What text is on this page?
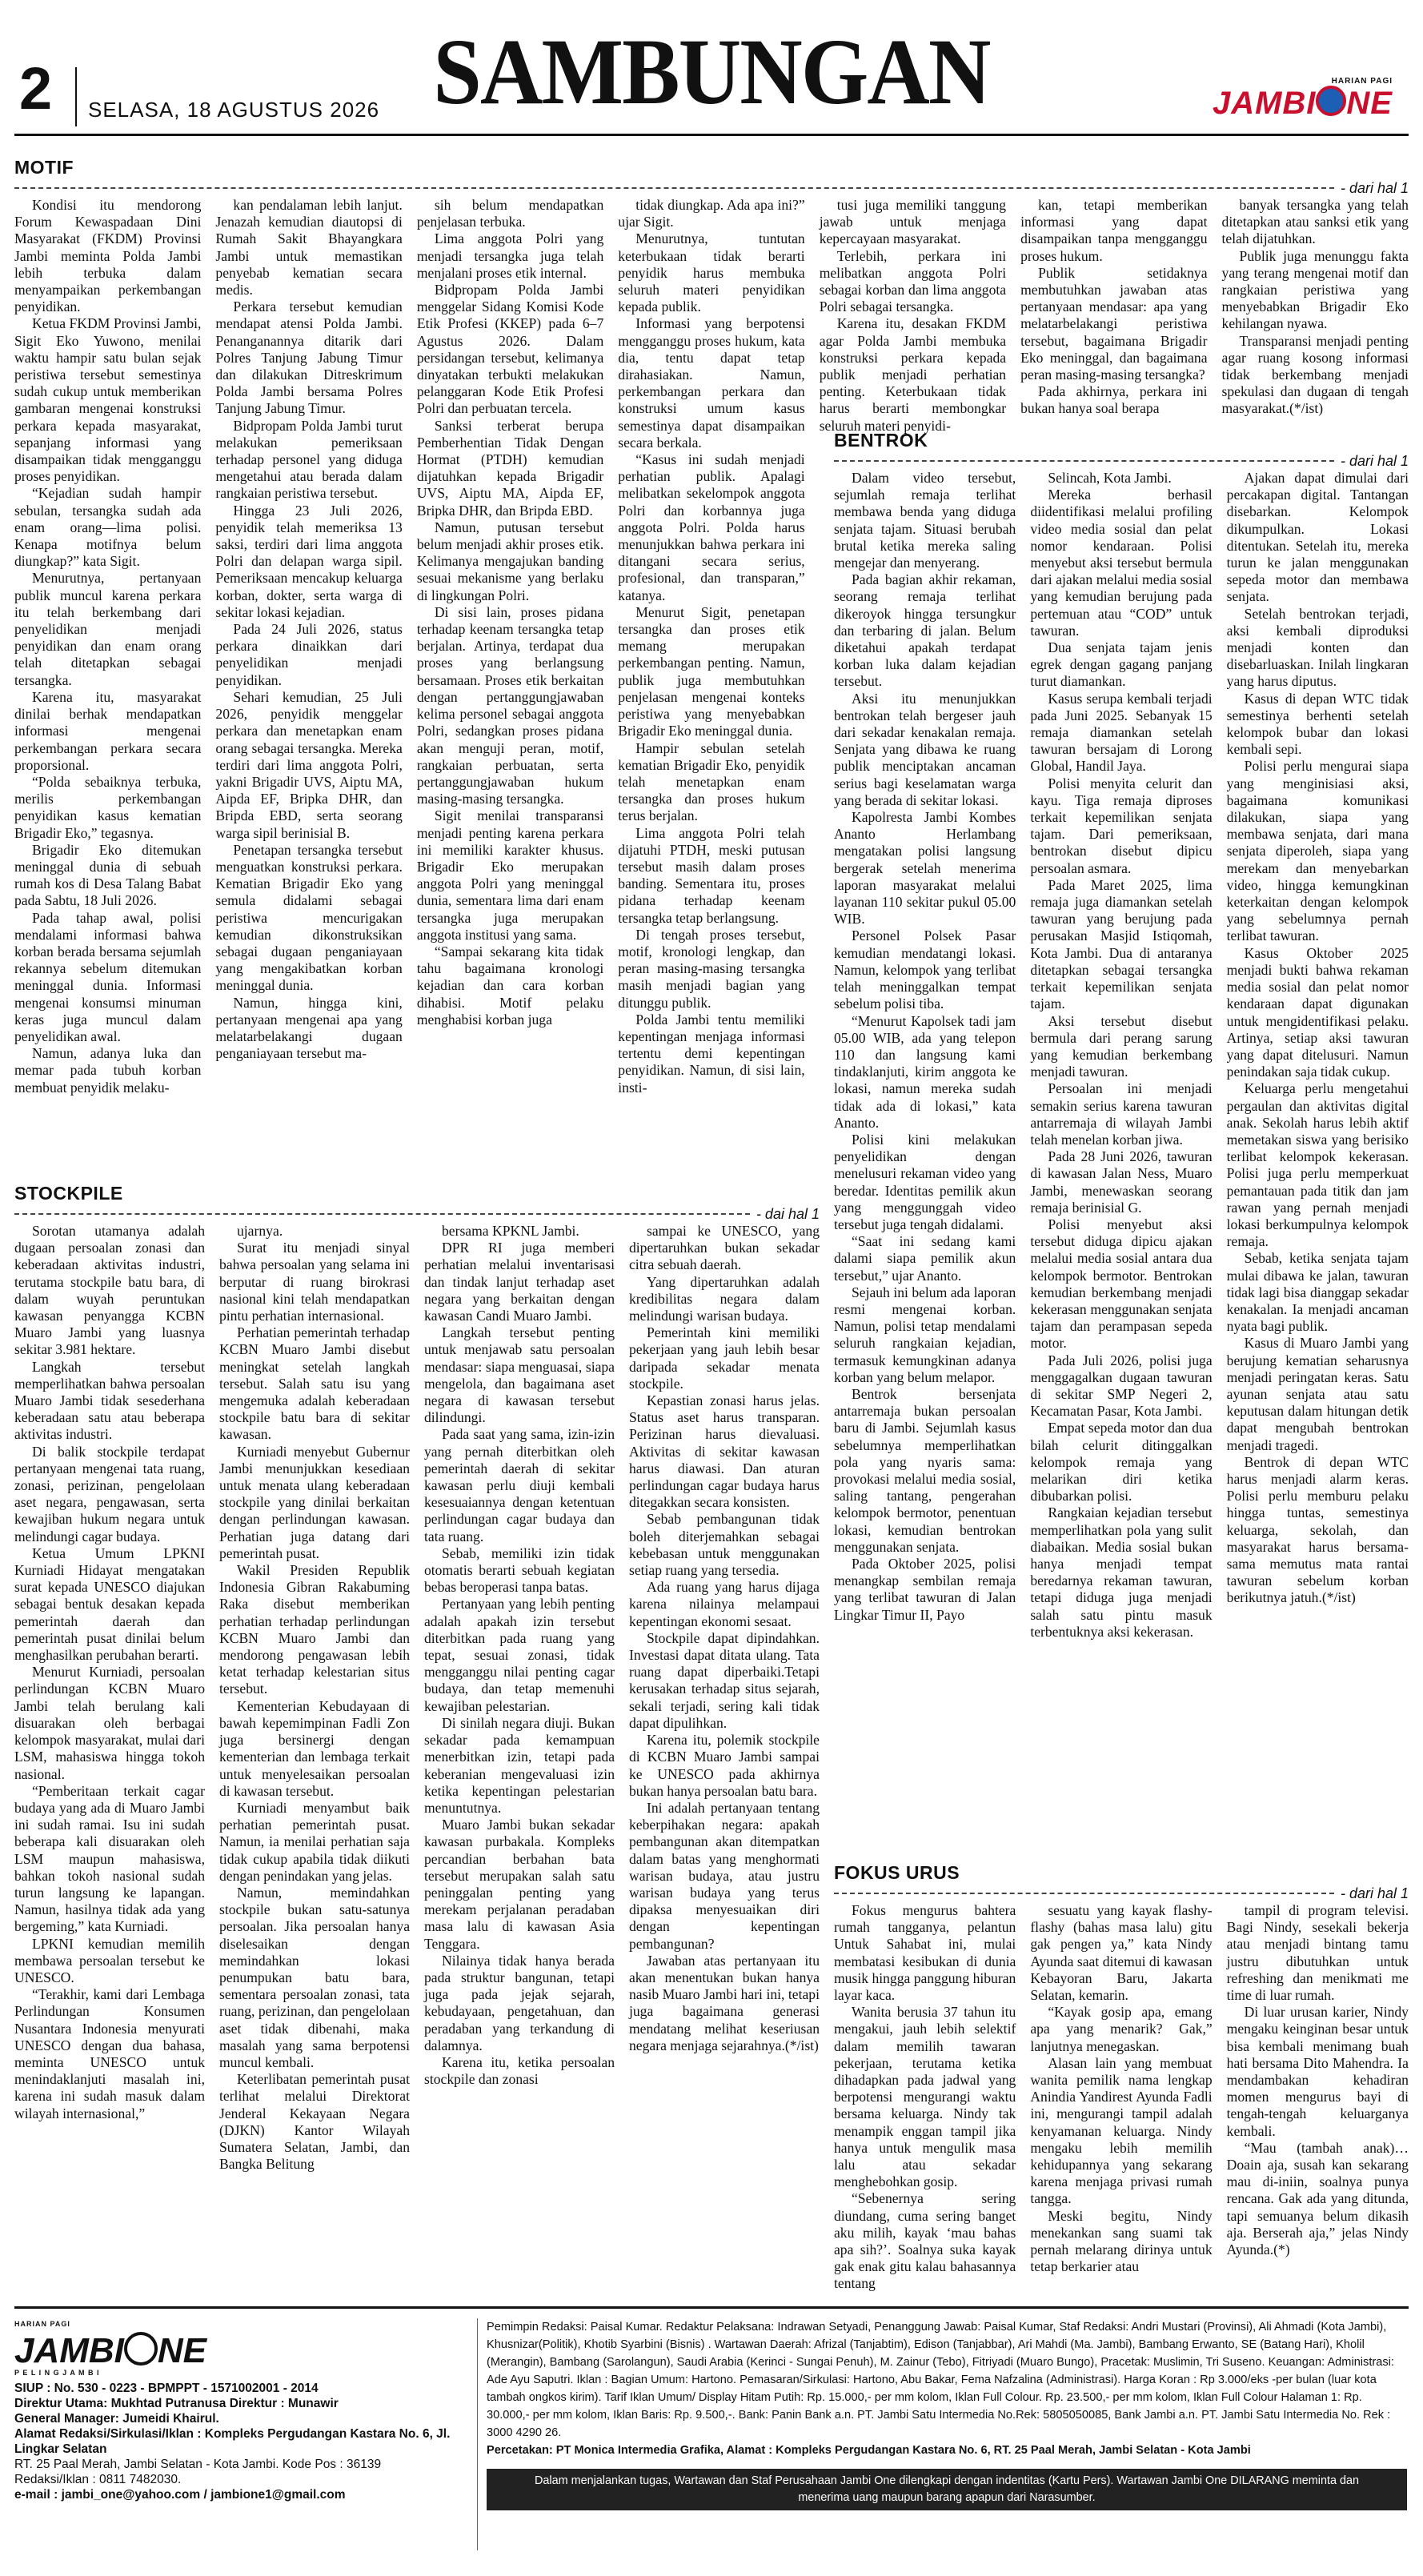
2 SELASA, 18 AGUSTUS 2026 SAMBUNGAN	HARIAN PAGI
JAMBI NE
MOTIF
- dari hal 1

Kondisi itu mendorong Forum Kewaspadaan Dini Masyarakat (FKDM) Provinsi Jambi meminta Polda Jambi lebih terbuka dalam menyampaikan perkembangan penyidikan.

Ketua FKDM Provinsi Jambi, Sigit Eko Yuwono, menilai waktu hampir satu bulan sejak peristiwa tersebut semestinya sudah cukup untuk memberikan gambaran mengenai konstruksi perkara kepada masyarakat, sepanjang informasi yang disampaikan tidak mengganggu proses penyidikan.

“Kejadian sudah hampir sebulan, tersangka sudah ada enam orang—lima polisi. Kenapa motifnya belum diungkap?” kata Sigit.

Menurutnya, pertanyaan publik muncul karena perkara itu telah berkembang dari penyelidikan menjadi penyidikan dan enam orang telah ditetapkan sebagai tersangka.

Karena itu, masyarakat dinilai berhak mendapatkan informasi mengenai perkembangan perkara secara proporsional.

“Polda sebaiknya terbuka, merilis perkembangan penyidikan kasus kematian Brigadir Eko,” tegasnya.

Brigadir Eko ditemukan meninggal dunia di sebuah rumah kos di Desa Talang Babat pada Sabtu, 18 Juli 2026.

Pada tahap awal, polisi mendalami informasi bahwa korban berada bersama sejumlah rekannya sebelum ditemukan meninggal dunia. Informasi mengenai konsumsi minuman keras juga muncul dalam penyelidikan awal.

Namun, adanya luka dan memar pada tubuh korban membuat penyidik melaku-

kan pendalaman lebih lanjut. Jenazah kemudian diautopsi di Rumah Sakit Bhayangkara Jambi untuk memastikan penyebab kematian secara medis.

Perkara tersebut kemudian mendapat atensi Polda Jambi. Penanganannya ditarik dari Polres Tanjung Jabung Timur dan dilakukan Ditreskrimum Polda Jambi bersama Polres Tanjung Jabung Timur.

Bidpropam Polda Jambi turut melakukan pemeriksaan terhadap personel yang diduga mengetahui atau berada dalam rangkaian peristiwa tersebut.

Hingga 23 Juli 2026, penyidik telah memeriksa 13 saksi, terdiri dari lima anggota Polri dan delapan warga sipil. Pemeriksaan mencakup keluarga korban, dokter, serta warga di sekitar lokasi kejadian.

Pada 24 Juli 2026, status perkara dinaikkan dari penyelidikan menjadi penyidikan.

Sehari kemudian, 25 Juli 2026, penyidik menggelar perkara dan menetapkan enam orang sebagai tersangka. Mereka terdiri dari lima anggota Polri, yakni Brigadir UVS, Aiptu MA, Aipda EF, Bripka DHR, dan Bripda EBD, serta seorang warga sipil berinisial B.

Penetapan tersangka tersebut menguatkan konstruksi perkara. Kematian Brigadir Eko yang semula didalami sebagai peristiwa mencurigakan kemudian dikonstruksikan sebagai dugaan penganiayaan yang mengakibatkan korban meninggal dunia.

Namun, hingga kini, pertanyaan mengenai apa yang melatarbelakangi dugaan penganiayaan tersebut ma-

sih belum mendapatkan penjelasan terbuka.

Lima anggota Polri yang menjadi tersangka juga telah menjalani proses etik internal.

Bidpropam Polda Jambi menggelar Sidang Komisi Kode Etik Profesi (KKEP) pada 6–7 Agustus 2026. Dalam persidangan tersebut, kelimanya dinyatakan terbukti melakukan pelanggaran Kode Etik Profesi Polri dan perbuatan tercela.

Sanksi terberat berupa Pemberhentian Tidak Dengan Hormat (PTDH) kemudian dijatuhkan kepada Brigadir UVS, Aiptu MA, Aipda EF, Bripka DHR, dan Bripda EBD.

Namun, putusan tersebut belum menjadi akhir proses etik. Kelimanya mengajukan banding sesuai mekanisme yang berlaku di lingkungan Polri.

Di sisi lain, proses pidana terhadap keenam tersangka tetap berjalan. Artinya, terdapat dua proses yang berlangsung bersamaan. Proses etik berkaitan dengan pertanggungjawaban kelima personel sebagai anggota Polri, sedangkan proses pidana akan menguji peran, motif, rangkaian perbuatan, serta pertanggungjawaban hukum masing-masing tersangka.

Sigit menilai transparansi menjadi penting karena perkara ini memiliki karakter khusus. Brigadir Eko merupakan anggota Polri yang meninggal dunia, sementara lima dari enam tersangka juga merupakan anggota institusi yang sama.

“Sampai sekarang kita tidak tahu bagaimana kronologi kejadian dan cara korban dihabisi. Motif pelaku menghabisi korban juga

tidak diungkap. Ada apa ini?” ujar Sigit.

Menurutnya, tuntutan keterbukaan tidak berarti penyidik harus membuka seluruh materi penyidikan kepada publik.

Informasi yang berpotensi mengganggu proses hukum, kata dia, tentu dapat tetap dirahasiakan. Namun, perkembangan perkara dan konstruksi umum kasus semestinya dapat disampaikan secara berkala.

“Kasus ini sudah menjadi perhatian publik. Apalagi melibatkan sekelompok anggota Polri dan korbannya juga anggota Polri. Polda harus menunjukkan bahwa perkara ini ditangani secara serius, profesional, dan transparan,” katanya.

Menurut Sigit, penetapan tersangka dan proses etik memang merupakan perkembangan penting. Namun, publik juga membutuhkan penjelasan mengenai konteks peristiwa yang menyebabkan Brigadir Eko meninggal dunia.

Hampir sebulan setelah kematian Brigadir Eko, penyidik telah menetapkan enam tersangka dan proses hukum terus berjalan.

Lima anggota Polri telah dijatuhi PTDH, meski putusan tersebut masih dalam proses banding. Sementara itu, proses pidana terhadap keenam tersangka tetap berlangsung.

Di tengah proses tersebut, motif, kronologi lengkap, dan peran masing-masing tersangka masih menjadi bagian yang ditunggu publik.

Polda Jambi tentu memiliki kepentingan menjaga informasi tertentu demi kepentingan penyidikan. Namun, di sisi lain, insti-

tusi juga memiliki tanggung jawab untuk menjaga kepercayaan masyarakat.

Terlebih, perkara ini melibatkan anggota Polri sebagai korban dan lima anggota Polri sebagai tersangka.

Karena itu, desakan FKDM agar Polda Jambi membuka konstruksi perkara kepada publik menjadi perhatian penting. Keterbukaan tidak harus berarti membongkar seluruh materi penyidi-

kan, tetapi memberikan informasi yang dapat disampaikan tanpa mengganggu proses hukum.

Publik setidaknya membutuhkan jawaban atas pertanyaan mendasar: apa yang melatarbelakangi peristiwa tersebut, bagaimana Brigadir Eko meninggal, dan bagaimana peran masing-masing tersangka?

Pada akhirnya, perkara ini bukan hanya soal berapa

banyak tersangka yang telah ditetapkan atau sanksi etik yang telah dijatuhkan.

Publik juga menunggu fakta yang terang mengenai motif dan rangkaian peristiwa yang menyebabkan Brigadir Eko kehilangan nyawa.

Transparansi menjadi penting agar ruang kosong informasi tidak berkembang menjadi spekulasi dan dugaan di tengah masyarakat.(*/ist)

BENTROK
- dari hal 1

Dalam video tersebut, sejumlah remaja terlihat membawa benda yang diduga senjata tajam. Situasi berubah brutal ketika mereka saling mengejar dan menyerang.

Pada bagian akhir rekaman, seorang remaja terlihat dikeroyok hingga tersungkur dan terbaring di jalan. Belum diketahui apakah terdapat korban luka dalam kejadian tersebut.

Aksi itu menunjukkan bentrokan telah bergeser jauh dari sekadar kenakalan remaja. Senjata yang dibawa ke ruang publik menciptakan ancaman serius bagi keselamatan warga yang berada di sekitar lokasi.

Kapolresta Jambi Kombes Ananto Herlambang mengatakan polisi langsung bergerak setelah menerima laporan masyarakat melalui layanan 110 sekitar pukul 05.00 WIB.

Personel Polsek Pasar kemudian mendatangi lokasi. Namun, kelompok yang terlibat telah meninggalkan tempat sebelum polisi tiba.

“Menurut Kapolsek tadi jam 05.00 WIB, ada yang telepon 110 dan langsung kami tindaklanjuti, kirim anggota ke lokasi, namun mereka sudah tidak ada di lokasi,” kata Ananto.

Polisi kini melakukan penyelidikan dengan menelusuri rekaman video yang beredar. Identitas pemilik akun yang menggunggah video tersebut juga tengah didalami.

“Saat ini sedang kami dalami siapa pemilik akun tersebut,” ujar Ananto.

Sejauh ini belum ada laporan resmi mengenai korban. Namun, polisi tetap mendalami seluruh rangkaian kejadian, termasuk kemungkinan adanya korban yang belum melapor.

Bentrok bersenjata antarremaja bukan persoalan baru di Jambi. Sejumlah kasus sebelumnya memperlihatkan pola yang nyaris sama: provokasi melalui media sosial, saling tantang, pengerahan kelompok bermotor, penentuan lokasi, kemudian bentrokan menggunakan senjata.

Pada Oktober 2025, polisi menangkap sembilan remaja yang terlibat tawuran di Jalan Lingkar Timur II, Payo

Selincah, Kota Jambi.

Mereka berhasil diidentifikasi melalui profiling video media sosial dan pelat nomor kendaraan. Polisi menyebut aksi tersebut bermula dari ajakan melalui media sosial yang kemudian berujung pada pertemuan atau “COD” untuk tawuran.

Dua senjata tajam jenis egrek dengan gagang panjang turut diamankan.

Kasus serupa kembali terjadi pada Juni 2025. Sebanyak 15 remaja diamankan setelah tawuran bersajam di Lorong Global, Handil Jaya.

Polisi menyita celurit dan kayu. Tiga remaja diproses terkait kepemilikan senjata tajam. Dari pemeriksaan, bentrokan disebut dipicu persoalan asmara.

Pada Maret 2025, lima remaja juga diamankan setelah tawuran yang berujung pada perusakan Masjid Istiqomah, Kota Jambi. Dua di antaranya ditetapkan sebagai tersangka terkait kepemilikan senjata tajam.

Aksi tersebut disebut bermula dari perang sarung yang kemudian berkembang menjadi tawuran.

Persoalan ini menjadi semakin serius karena tawuran antarremaja di wilayah Jambi telah menelan korban jiwa.

Pada 28 Juni 2026, tawuran di kawasan Jalan Ness, Muaro Jambi, menewaskan seorang remaja berinisial G.

Polisi menyebut aksi tersebut diduga dipicu ajakan melalui media sosial antara dua kelompok bermotor. Bentrokan kemudian berkembang menjadi kekerasan menggunakan senjata tajam dan perampasan sepeda motor.

Pada Juli 2026, polisi juga menggagalkan dugaan tawuran di sekitar SMP Negeri 2, Kecamatan Pasar, Kota Jambi.

Empat sepeda motor dan dua bilah celurit ditinggalkan kelompok remaja yang melarikan diri ketika dibubarkan polisi.

Rangkaian kejadian tersebut memperlihatkan pola yang sulit diabaikan. Media sosial bukan hanya menjadi tempat beredarnya rekaman tawuran, tetapi diduga juga menjadi salah satu pintu masuk terbentuknya aksi kekerasan.

Ajakan dapat dimulai dari percakapan digital. Tantangan disebarkan. Kelompok dikumpulkan. Lokasi ditentukan. Setelah itu, mereka turun ke jalan menggunakan sepeda motor dan membawa senjata.

Setelah bentrokan terjadi, aksi kembali diproduksi menjadi konten dan disebarluaskan. Inilah lingkaran yang harus diputus.

Kasus di depan WTC tidak semestinya berhenti setelah kelompok bubar dan lokasi kembali sepi.

Polisi perlu mengurai siapa yang menginisiasi aksi, bagaimana komunikasi dilakukan, siapa yang membawa senjata, dari mana senjata diperoleh, siapa yang merekam dan menyebarkan video, hingga kemungkinan keterkaitan dengan kelompok yang sebelumnya pernah terlibat tawuran.

Kasus Oktober 2025 menjadi bukti bahwa rekaman media sosial dan pelat nomor kendaraan dapat digunakan untuk mengidentifikasi pelaku. Artinya, setiap aksi tawuran yang dapat ditelusuri. Namun penindakan saja tidak cukup.

Keluarga perlu mengetahui pergaulan dan aktivitas digital anak. Sekolah harus lebih aktif memetakan siswa yang berisiko terlibat kelompok kekerasan. Polisi juga perlu memperkuat pemantauan pada titik dan jam rawan yang pernah menjadi lokasi berkumpulnya kelompok remaja.

Sebab, ketika senjata tajam mulai dibawa ke jalan, tawuran tidak lagi bisa dianggap sekadar kenakalan. Ia menjadi ancaman nyata bagi publik.

Kasus di Muaro Jambi yang berujung kematian seharusnya menjadi peringatan keras. Satu ayunan senjata atau satu keputusan dalam hitungan detik dapat mengubah bentrokan menjadi tragedi.

Bentrok di depan WTC harus menjadi alarm keras. Polisi perlu memburu pelaku hingga tuntas, semestinya keluarga, sekolah, dan masyarakat harus bersama-sama memutus mata rantai tawuran sebelum korban berikutnya jatuh.(*/ist)

STOCKPILE
- dai hal 1

Sorotan utamanya adalah dugaan persoalan zonasi dan keberadaan aktivitas industri, terutama stockpile batu bara, di dalam wuyah peruntukan kawasan penyangga KCBN Muaro Jambi yang luasnya sekitar 3.981 hektare.

Langkah tersebut memperlihatkan bahwa persoalan Muaro Jambi tidak sesederhana keberadaan satu atau beberapa aktivitas industri.

Di balik stockpile terdapat pertanyaan mengenai tata ruang, zonasi, perizinan, pengelolaan aset negara, pengawasan, serta kewajiban hukum negara untuk melindungi cagar budaya.

Ketua Umum LPKNI Kurniadi Hidayat mengatakan surat kepada UNESCO diajukan sebagai bentuk desakan kepada pemerintah daerah dan pemerintah pusat dinilai belum menghasilkan perubahan berarti.

Menurut Kurniadi, persoalan perlindungan KCBN Muaro Jambi telah berulang kali disuarakan oleh berbagai kelompok masyarakat, mulai dari LSM, mahasiswa hingga tokoh nasional.

“Pemberitaan terkait cagar budaya yang ada di Muaro Jambi ini sudah ramai. Isu ini sudah beberapa kali disuarakan oleh LSM maupun mahasiswa, bahkan tokoh nasional sudah turun langsung ke lapangan. Namun, hasilnya tidak ada yang bergeming,” kata Kurniadi.

LPKNI kemudian memilih membawa persoalan tersebut ke UNESCO.

“Terakhir, kami dari Lembaga Perlindungan Konsumen Nusantara Indonesia menyurati UNESCO dengan dua bahasa, meminta UNESCO untuk menindaklanjuti masalah ini, karena ini sudah masuk dalam wilayah internasional,”

ujarnya.

Surat itu menjadi sinyal bahwa persoalan yang selama ini berputar di ruang birokrasi nasional kini telah mendapatkan pintu perhatian internasional.

Perhatian pemerintah terhadap KCBN Muaro Jambi disebut meningkat setelah langkah tersebut. Salah satu isu yang mengemuka adalah keberadaan stockpile batu bara di sekitar kawasan.

Kurniadi menyebut Gubernur Jambi menunjukkan kesediaan untuk menata ulang keberadaan stockpile yang dinilai berkaitan dengan perlindungan kawasan. Perhatian juga datang dari pemerintah pusat.

Wakil Presiden Republik Indonesia Gibran Rakabuming Raka disebut memberikan perhatian terhadap perlindungan KCBN Muaro Jambi dan mendorong pengawasan lebih ketat terhadap kelestarian situs tersebut.

Kementerian Kebudayaan di bawah kepemimpinan Fadli Zon juga bersinergi dengan kementerian dan lembaga terkait untuk menyelesaikan persoalan di kawasan tersebut.

Kurniadi menyambut baik perhatian pemerintah pusat. Namun, ia menilai perhatian saja tidak cukup apabila tidak diikuti dengan penindakan yang jelas.

Namun, memindahkan stockpile bukan satu-satunya persoalan. Jika persoalan hanya diselesaikan dengan memindahkan lokasi penumpukan batu bara, sementara persoalan zonasi, tata ruang, perizinan, dan pengelolaan aset tidak dibenahi, maka masalah yang sama berpotensi muncul kembali.

Keterlibatan pemerintah pusat terlihat melalui Direktorat Jenderal Kekayaan Negara (DJKN) Kantor Wilayah Sumatera Selatan, Jambi, dan Bangka Belitung

bersama KPKNL Jambi.

DPR RI juga memberi perhatian melalui inventarisasi dan tindak lanjut terhadap aset negara yang berkaitan dengan kawasan Candi Muaro Jambi.

Langkah tersebut penting untuk menjawab satu persoalan mendasar: siapa menguasai, siapa mengelola, dan bagaimana aset negara di kawasan tersebut dilindungi.

Pada saat yang sama, izin-izin yang pernah diterbitkan oleh pemerintah daerah di sekitar kawasan perlu diuji kembali kesesuaiannya dengan ketentuan perlindungan cagar budaya dan tata ruang.

Sebab, memiliki izin tidak otomatis berarti sebuah kegiatan bebas beroperasi tanpa batas.

Pertanyaan yang lebih penting adalah apakah izin tersebut diterbitkan pada ruang yang tepat, sesuai zonasi, tidak mengganggu nilai penting cagar budaya, dan tetap memenuhi kewajiban pelestarian.

Di sinilah negara diuji. Bukan sekadar pada kemampuan menerbitkan izin, tetapi pada keberanian mengevaluasi izin ketika kepentingan pelestarian menuntutnya.

Muaro Jambi bukan sekadar kawasan purbakala. Kompleks percandian berbahan bata tersebut merupakan salah satu peninggalan penting yang merekam perjalanan peradaban masa lalu di kawasan Asia Tenggara.

Nilainya tidak hanya berada pada struktur bangunan, tetapi juga pada jejak sejarah, kebudayaan, pengetahuan, dan peradaban yang terkandung di dalamnya.

Karena itu, ketika persoalan stockpile dan zonasi

sampai ke UNESCO, yang dipertaruhkan bukan sekadar citra sebuah daerah.

Yang dipertaruhkan adalah kredibilitas negara dalam melindungi warisan budaya.

Pemerintah kini memiliki pekerjaan yang jauh lebih besar daripada sekadar menata stockpile.

Kepastian zonasi harus jelas. Status aset harus transparan. Perizinan harus dievaluasi. Aktivitas di sekitar kawasan harus diawasi. Dan aturan perlindungan cagar budaya harus ditegakkan secara konsisten.

Sebab pembangunan tidak boleh diterjemahkan sebagai kebebasan untuk menggunakan setiap ruang yang tersedia.

Ada ruang yang harus dijaga karena nilainya melampaui kepentingan ekonomi sesaat.

Stockpile dapat dipindahkan. Investasi dapat ditata ulang. Tata ruang dapat diperbaiki.Tetapi kerusakan terhadap situs sejarah, sekali terjadi, sering kali tidak dapat dipulihkan.

Karena itu, polemik stockpile di KCBN Muaro Jambi sampai ke UNESCO pada akhirnya bukan hanya persoalan batu bara.

Ini adalah pertanyaan tentang keberpihakan negara: apakah pembangunan akan ditempatkan dalam batas yang menghormati warisan budaya, atau justru warisan budaya yang terus dipaksa menyesuaikan diri dengan kepentingan pembangunan?

Jawaban atas pertanyaan itu akan menentukan bukan hanya nasib Muaro Jambi hari ini, tetapi juga bagaimana generasi mendatang melihat keseriusan negara menjaga sejarahnya.(*/ist)

FOKUS URUS
- dari hal 1

Fokus mengurus bahtera rumah tangganya, pelantun Untuk Sahabat ini, mulai membatasi kesibukan di dunia musik hingga panggung hiburan layar kaca.

Wanita berusia 37 tahun itu mengakui, jauh lebih selektif dalam memilih tawaran pekerjaan, terutama ketika dihadapkan pada jadwal yang berpotensi mengurangi waktu bersama keluarga. Nindy tak menampik enggan tampil jika hanya untuk mengulik masa lalu atau sekadar menghebohkan gosip.

“Sebenernya sering diundang, cuma sering banget aku milih, kayak ‘mau bahas apa sih?’. Soalnya suka kayak gak enak gitu kalau bahasannya tentang

sesuatu yang kayak flashy-flashy (bahas masa lalu) gitu gak pengen ya,” kata Nindy Ayunda saat ditemui di kawasan Kebayoran Baru, Jakarta Selatan, kemarin.

“Kayak gosip apa, emang apa yang menarik? Gak,” lanjutnya menegaskan.

Alasan lain yang membuat wanita pemilik nama lengkap Anindia Yandirest Ayunda Fadli ini, mengurangi tampil adalah kenyamanan keluarga. Nindy mengaku lebih memilih kehidupannya yang sekarang karena menjaga privasi rumah tangga.

Meski begitu, Nindy menekankan sang suami tak pernah melarang dirinya untuk tetap berkarier atau

tampil di program televisi. Bagi Nindy, sesekali bekerja atau menjadi bintang tamu justru dibutuhkan untuk refreshing dan menikmati me time di luar rumah.

Di luar urusan karier, Nindy mengaku keinginan besar untuk bisa kembali menimang buah hati bersama Dito Mahendra. Ia mendambakan kehadiran momen mengurus bayi di tengah-tengah keluarganya kembali.

“Mau (tambah anak)… Doain aja, susah kan sekarang mau di-iniin, soalnya punya rencana. Gak ada yang ditunda, tapi semuanya belum dikasih aja. Berserah aja,” jelas Nindy Ayunda.(*)

HARIAN PAGI
JAMBI NE
P E L I N G J A M B I
SIUP : No. 530 - 0223 - BPMPPT - 1571002001 - 2014
Direktur Utama: Mukhtad Putranusa Direktur : Munawir
General Manager: Jumeidi Khairul.
Alamat Redaksi/Sirkulasi/Iklan : Kompleks Pergudangan Kastara No. 6, Jl. Lingkar Selatan
RT. 25 Paal Merah, Jambi Selatan - Kota Jambi. Kode Pos : 36139
Redaksi/Iklan : 0811 7482030.
e-mail : jambi_one@yahoo.com / jambione1@gmail.com

Pemimpin Redaksi: Paisal Kumar. Redaktur Pelaksana: Indrawan Setyadi, Penanggung Jawab: Paisal Kumar, Staf Redaksi: Andri Mustari (Provinsi), Ali Ahmadi (Kota Jambi), Khusnizar(Politik), Khotib Syarbini (Bisnis) . Wartawan Daerah: Afrizal (Tanjabtim), Edison (Tanjabbar), Ari Mahdi (Ma. Jambi), Bambang Erwanto, SE (Batang Hari), Kholil (Merangin), Bambang (Sarolangun), Saudi Arabia (Kerinci - Sungai Penuh), M. Zainur (Tebo), Fitriyadi (Muaro Bungo), Pracetak: Muslimin, Tri Suseno. Keuangan: Administrasi: Ade Ayu Saputri. Iklan : Bagian Umum: Hartono. Pemasaran/Sirkulasi: Hartono, Abu Bakar, Fema Nafzalina (Administrasi). Harga Koran : Rp 3.000/eks -per bulan (luar kota tambah ongkos kirim). Tarif Iklan Umum/ Display Hitam Putih: Rp. 15.000,- per mm kolom, Iklan Full Colour. Rp. 23.500,- per mm kolom, Iklan Full Colour Halaman 1: Rp. 30.000,- per mm kolom, Iklan Baris: Rp. 9.500,-. Bank: Panin Bank a.n. PT. Jambi Satu Intermedia No.Rek: 5805050085, Bank Jambi a.n. PT. Jambi Satu Intermedia No. Rek : 3000 4290 26.

Percetakan: PT Monica Intermedia Grafika, Alamat : Kompleks Pergudangan Kastara No. 6, RT. 25 Paal Merah, Jambi Selatan - Kota Jambi

Dalam menjalankan tugas, Wartawan dan Staf Perusahaan Jambi One dilengkapi dengan indentitas (Kartu Pers). Wartawan Jambi One DILARANG meminta dan menerima uang maupun barang apapun dari Narasumber.
